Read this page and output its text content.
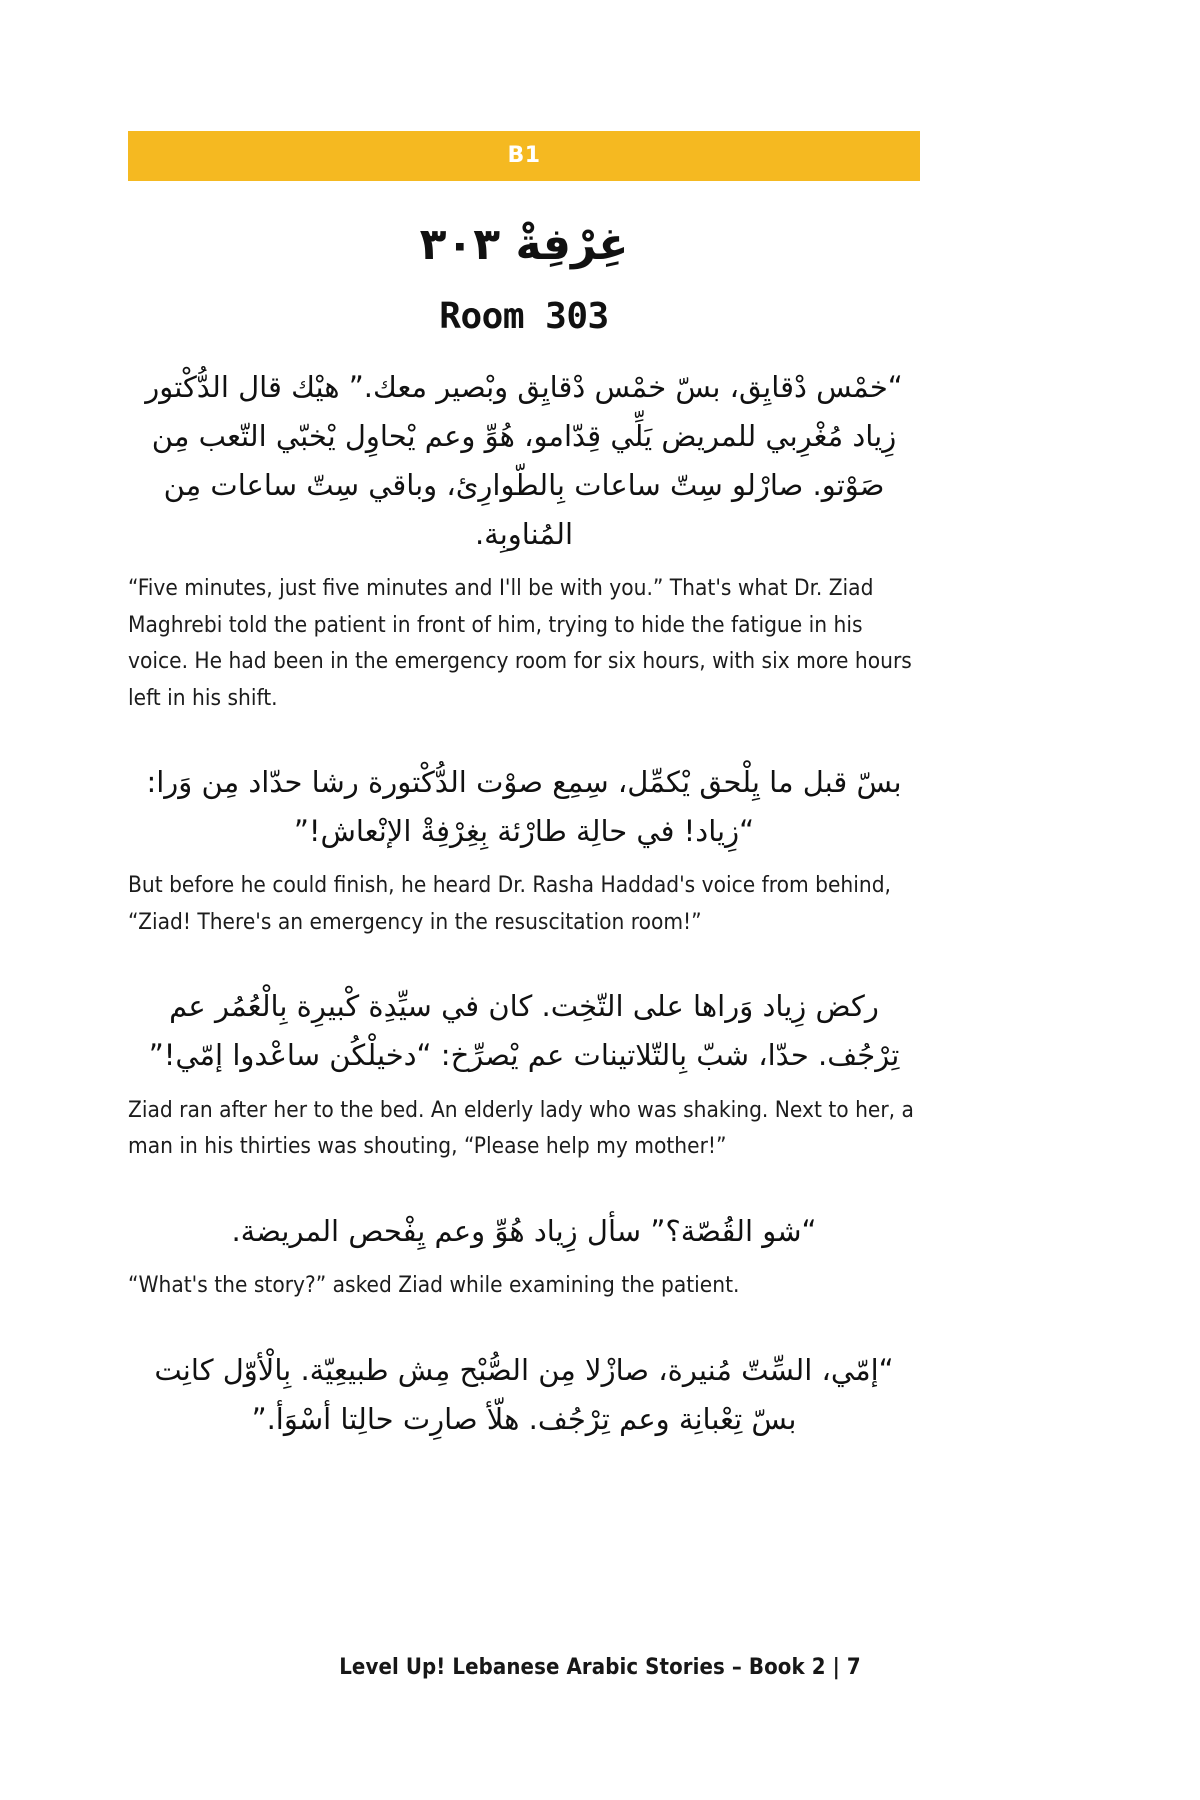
B1
غِرْفِةْ ٣٠٣
Room 303

“خمْس دْقايِق، بسّ خمْس دْقايِق وبْصير معك.” هيْك قال الدُّكْتور زِياد مُغْرِبي للمريض يَلِّي قِدّامو، هُوِّ وعم يْحاوِل يْخبّي التّعب مِن صَوْتو. صارْلو سِتّ ساعات بِالطّوارِئ، وباقي سِتّ ساعات مِن المُناوبِة.

“Five minutes, just five minutes and I'll be with you.” That's what Dr. Ziad Maghrebi told the patient in front of him, trying to hide the fatigue in his voice. He had been in the emergency room for six hours, with six more hours left in his shift.

بسّ قبل ما يِلْحق يْكمِّل، سِمِع صوْت الدُّكْتورة رشا حدّاد مِن وَرا: “زِياد! في حالِة طارْئة بِغِرْفِةْ الإنْعاش!”

But before he could finish, he heard Dr. Rasha Haddad's voice from behind, “Ziad! There's an emergency in the resuscitation room!”

ركض زِياد وَراها على التّخِت. كان في سيِّدِة كْبيرِة بِالْعُمُر عم تِرْجُف. حدّا، شبّ بِالتّلاتينات عم يْصرِّخ: “دخيلْكُن ساعْدوا إمّي!”

Ziad ran after her to the bed. An elderly lady who was shaking. Next to her, a man in his thirties was shouting, “Please help my mother!”

“شو القُصّة؟” سأل زِياد هُوِّ وعم يِفْحص المريضة.

“What's the story?” asked Ziad while examining the patient.

“إمّي، السِّتّ مُنيرة، صازْلا مِن الصُّبْح مِش طبيعِيّة. بِالْأوّل كانِت بسّ تِعْبانِة وعم تِرْجُف. هلّأ صارِت حالِتا أسْوَأ.”

Level Up! Lebanese Arabic Stories – Book 2 | 7
